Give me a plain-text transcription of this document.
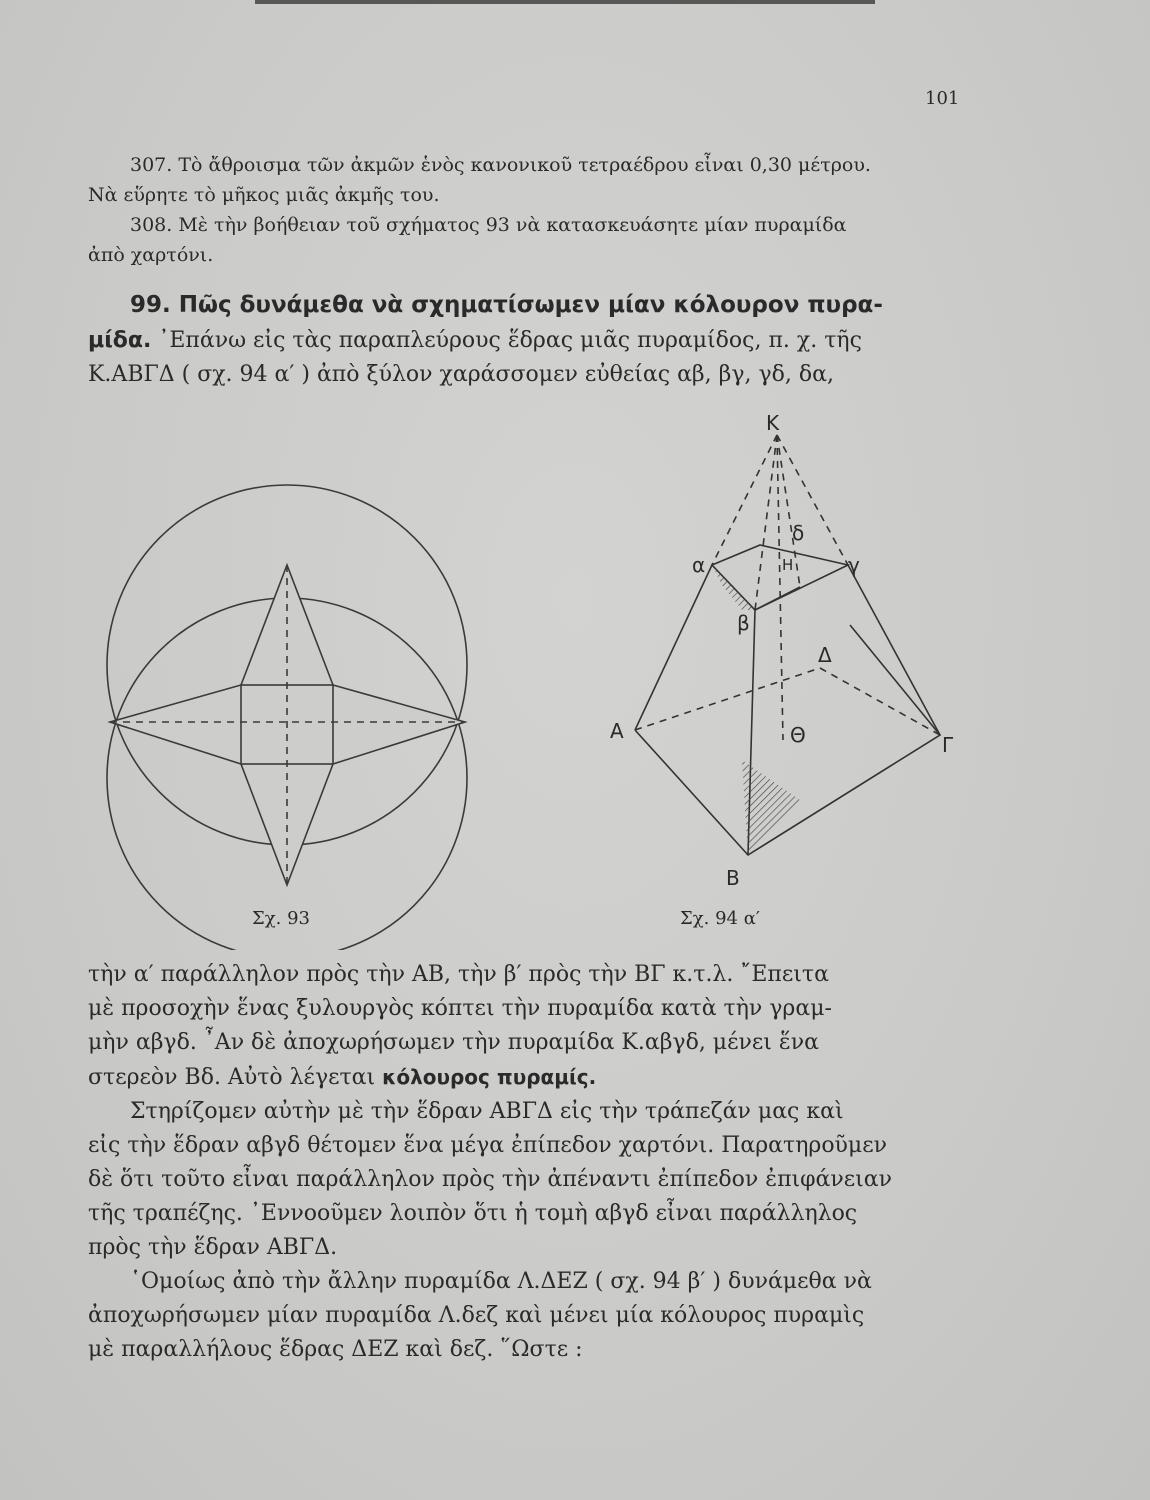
101

307. Τὸ ἄθροισμα τῶν ἀκμῶν ἑνὸς κανονικοῦ τετραέδρου εἶναι 0,30 μέτρου.

Νὰ εὕρητε τὸ μῆκος μιᾶς ἀκμῆς του.

308. Μὲ τὴν βοήθειαν τοῦ σχήματος 93 νὰ κατασκευάσητε μίαν πυραμίδα

ἀπὸ χαρτόνι.

99. Πῶς δυνάμεθα νὰ σχηματίσωμεν μίαν κόλουρον πυρα-
μίδα. ᾿Επάνω εἰς τὰς παραπλεύρους ἕδρας μιᾶς πυραμίδος, π. χ. τῆς
Κ.ΑΒΓΔ ( σχ. 94 α′ ) ἀπὸ ξύλον χαράσσομεν εὐθείας αβ, βγ, γδ, δα,
Κ
δ
Η	γ
α
β
Δ
Α	Θ	Γ
Β
Σχ. 93	Σχ. 94 α′

τὴν α′ παράλληλον πρὸς τὴν ΑΒ, τὴν β′ πρὸς τὴν ΒΓ κ.τ.λ. ῎Επειτα

μὲ προσοχὴν ἕνας ξυλουργὸς κόπτει τὴν πυραμίδα κατὰ τὴν γραμ-

μὴν αβγδ. ῏Αν δὲ ἀποχωρήσωμεν τὴν πυραμίδα Κ.αβγδ, μένει ἕνα

στερεὸν Βδ. Αὐτὸ λέγεται κόλουρος πυραμίς.

Στηρίζομεν αὐτὴν μὲ τὴν ἕδραν ΑΒΓΔ εἰς τὴν τράπεζάν μας καὶ

εἰς τὴν ἕδραν αβγδ θέτομεν ἕνα μέγα ἐπίπεδον χαρτόνι. Παρατηροῦμεν

δὲ ὅτι τοῦτο εἶναι παράλληλον πρὸς τὴν ἀπέναντι ἐπίπεδον ἐπιφάνειαν

τῆς τραπέζης. ᾿Εννοοῦμεν λοιπὸν ὅτι ἡ τομὴ αβγδ εἶναι παράλληλος

πρὸς τὴν ἕδραν ΑΒΓΔ.

῾Ομοίως ἀπὸ τὴν ἄλλην πυραμίδα Λ.ΔΕΖ ( σχ. 94 β′ ) δυνάμεθα νὰ

ἀποχωρήσωμεν μίαν πυραμίδα Λ.δεζ καὶ μένει μία κόλουρος πυραμὶς

μὲ παραλλήλους ἕδρας ΔΕΖ καὶ δεζ. ῞Ωστε :
